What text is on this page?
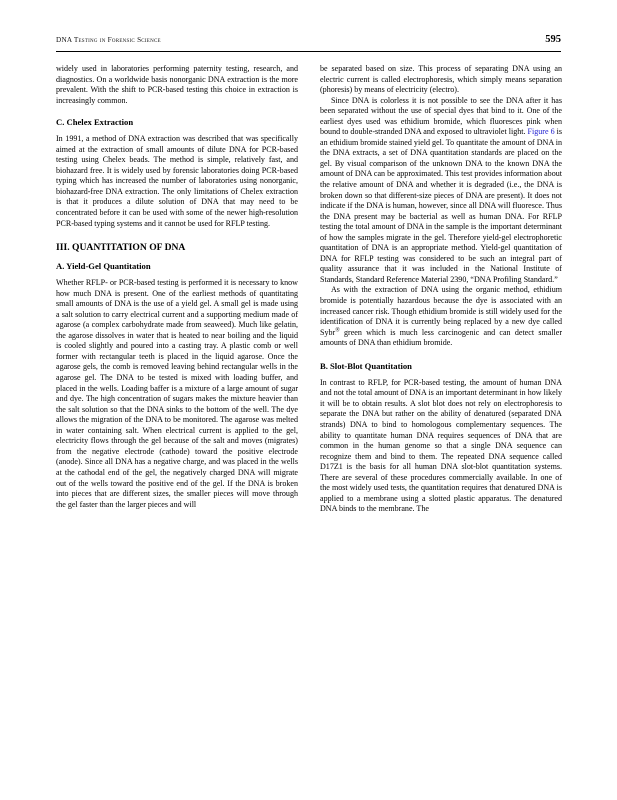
DNA Testing in Forensic Science	595

widely used in laboratories performing paternity testing, research, and diagnostics. On a worldwide basis nonorganic DNA extraction is the more prevalent. With the shift to PCR-based testing this choice in extraction is increasingly common.

C. Chelex Extraction

In 1991, a method of DNA extraction was described that was specifically aimed at the extraction of small amounts of dilute DNA for PCR-based testing using Chelex beads. The method is simple, relatively fast, and biohazard free. It is widely used by forensic laboratories doing PCR-based typing which has increased the number of laboratories using nonorganic, biohazard-free DNA extraction. The only limitations of Chelex extraction is that it produces a dilute solution of DNA that may need to be concentrated before it can be used with some of the newer high-resolution PCR-based typing systems and it cannot be used for RFLP testing.

III. QUANTITATION OF DNA
A. Yield-Gel Quantitation

Whether RFLP- or PCR-based testing is performed it is necessary to know how much DNA is present. One of the earliest methods of quantitating small amounts of DNA is the use of a yield gel. A small gel is made using a salt solution to carry electrical current and a supporting medium made of agarose (a complex carbohydrate made from seaweed). Much like gelatin, the agarose dissolves in water that is heated to near boiling and the liquid is cooled slightly and poured into a casting tray. A plastic comb or well former with rectangular teeth is placed in the liquid agarose. Once the agarose gels, the comb is removed leaving behind rectangular wells in the agarose gel. The DNA to be tested is mixed with loading buffer, and placed in the wells. Loading baffer is a mixture of a large amount of sugar and dye. The high concentration of sugars makes the mixture heavier than the salt solution so that the DNA sinks to the bottom of the well. The dye allows the migration of the DNA to be monitored. The agarose was melted in water containing salt. When electrical current is applied to the gel, electricity flows through the gel because of the salt and moves (migrates) from the negative electrode (cathode) toward the positive electrode (anode). Since all DNA has a negative charge, and was placed in the wells at the cathodal end of the gel, the negatively charged DNA will migrate out of the wells toward the positive end of the gel. If the DNA is broken into pieces that are different sizes, the smaller pieces will move through the gel faster than the larger pieces and will

be separated based on size. This process of separating DNA using an electric current is called electrophoresis, which simply means separation (phoresis) by means of electricity (electro).

Since DNA is colorless it is not possible to see the DNA after it has been separated without the use of special dyes that bind to it. One of the earliest dyes used was ethidium bromide, which fluoresces pink when bound to double-stranded DNA and exposed to ultraviolet light. Figure 6 is an ethidium bromide stained yield gel. To quantitate the amount of DNA in the DNA extracts, a set of DNA quantitation standards are placed on the gel. By visual comparison of the unknown DNA to the known DNA the amount of DNA can be approximated. This test provides information about the relative amount of DNA and whether it is degraded (i.e., the DNA is broken down so that different-size pieces of DNA are present). It does not indicate if the DNA is human, however, since all DNA will fluoresce. Thus the DNA present may be bacterial as well as human DNA. For RFLP testing the total amount of DNA in the sample is the important determinant of how the samples migrate in the gel. Therefore yield-gel electrophoretic quantitation of DNA is an appropriate method. Yield-gel quantitation of DNA for RFLP testing was considered to be such an integral part of quality assurance that it was included in the National Institute of Standards, Standard Reference Material 2390, “DNA Profiling Standard.”

As with the extraction of DNA using the organic method, ethidium bromide is potentially hazardous because the dye is associated with an increased cancer risk. Though ethidium bromide is still widely used for the identification of DNA it is currently being replaced by a new dye called Sybr® green which is much less carcinogenic and can detect smaller amounts of DNA than ethidium bromide.

B. Slot-Blot Quantitation

In contrast to RFLP, for PCR-based testing, the amount of human DNA and not the total amount of DNA is an important determinant in how likely it will be to obtain results. A slot blot does not rely on electrophoresis to separate the DNA but rather on the ability of denatured (separated DNA strands) DNA to bind to homologous complementary sequences. The ability to quantitate human DNA requires sequences of DNA that are common in the human genome so that a single DNA sequence can recognize them and bind to them. The repeated DNA sequence called D17Z1 is the basis for all human DNA slot-blot quantitation systems. There are several of these procedures commercially available. In one of the most widely used tests, the quantitation requires that denatured DNA is applied to a membrane using a slotted plastic apparatus. The denatured DNA binds to the membrane. The
